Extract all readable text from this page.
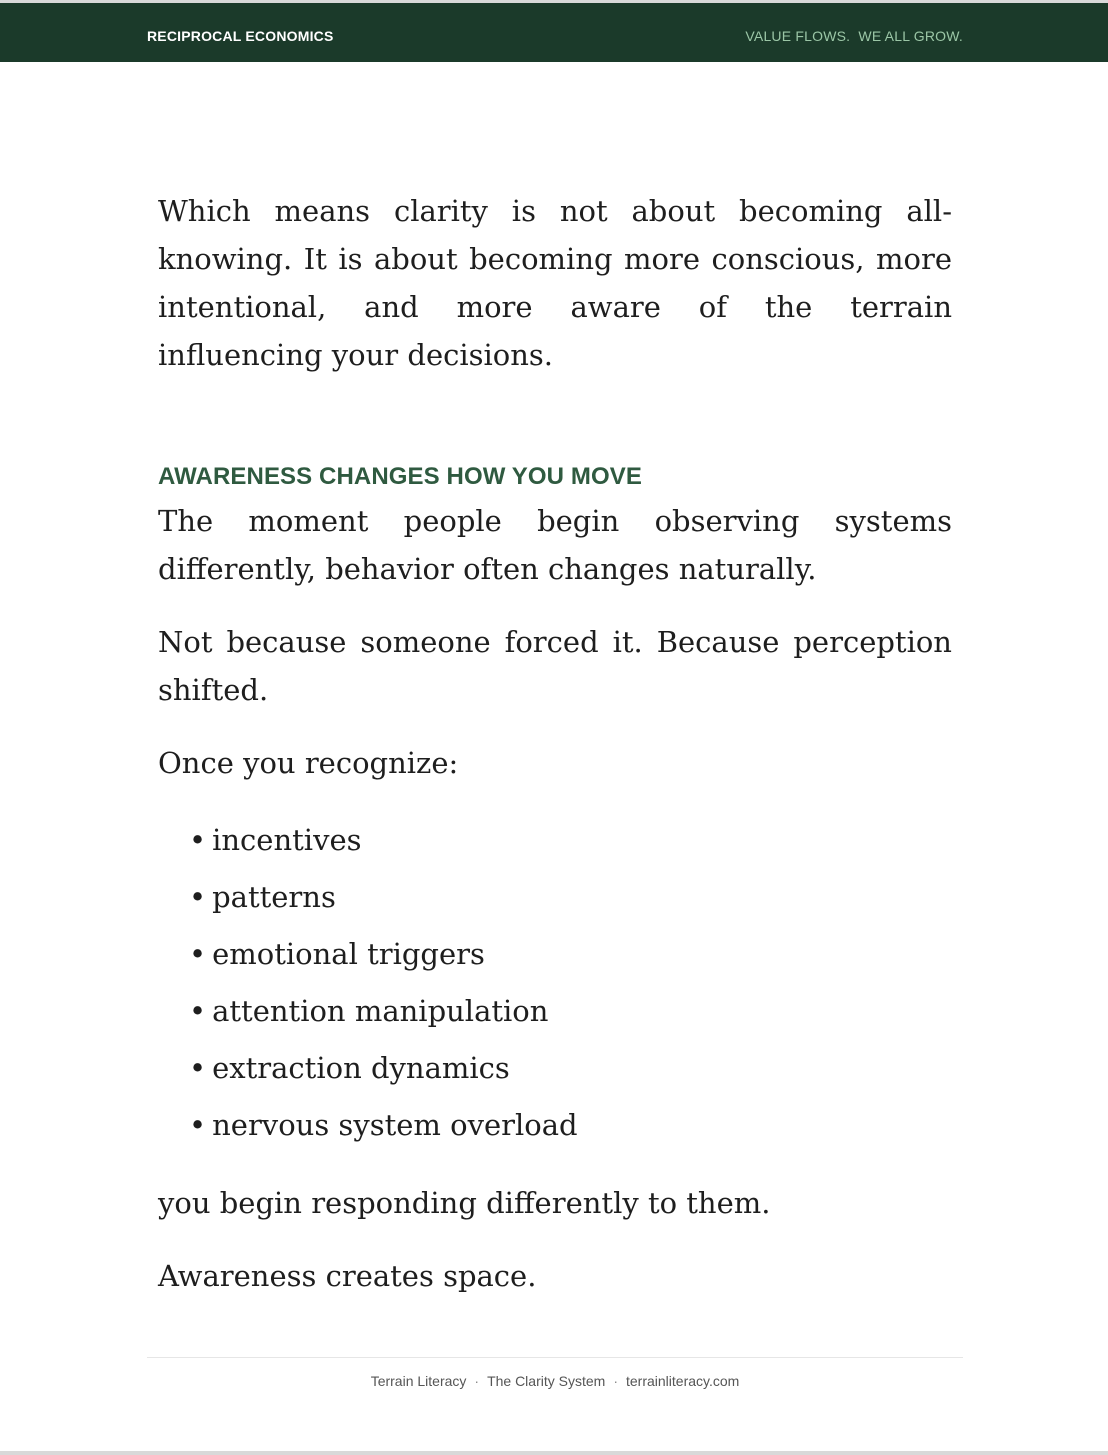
RECIPROCAL ECONOMICS	VALUE FLOWS.  WE ALL GROW.

Which means clarity is not about becoming all-knowing. It is about becoming more conscious, more intentional, and more aware of the terrain influencing your decisions.

AWARENESS CHANGES HOW YOU MOVE

The moment people begin observing systems differently, behavior often changes naturally.

Not because someone forced it. Because perception shifted.

Once you recognize:

• incentives
• patterns
• emotional triggers
• attention manipulation
• extraction dynamics
• nervous system overload

you begin responding differently to them.

Awareness creates space.

Terrain Literacy · The Clarity System · terrainliteracy.com
